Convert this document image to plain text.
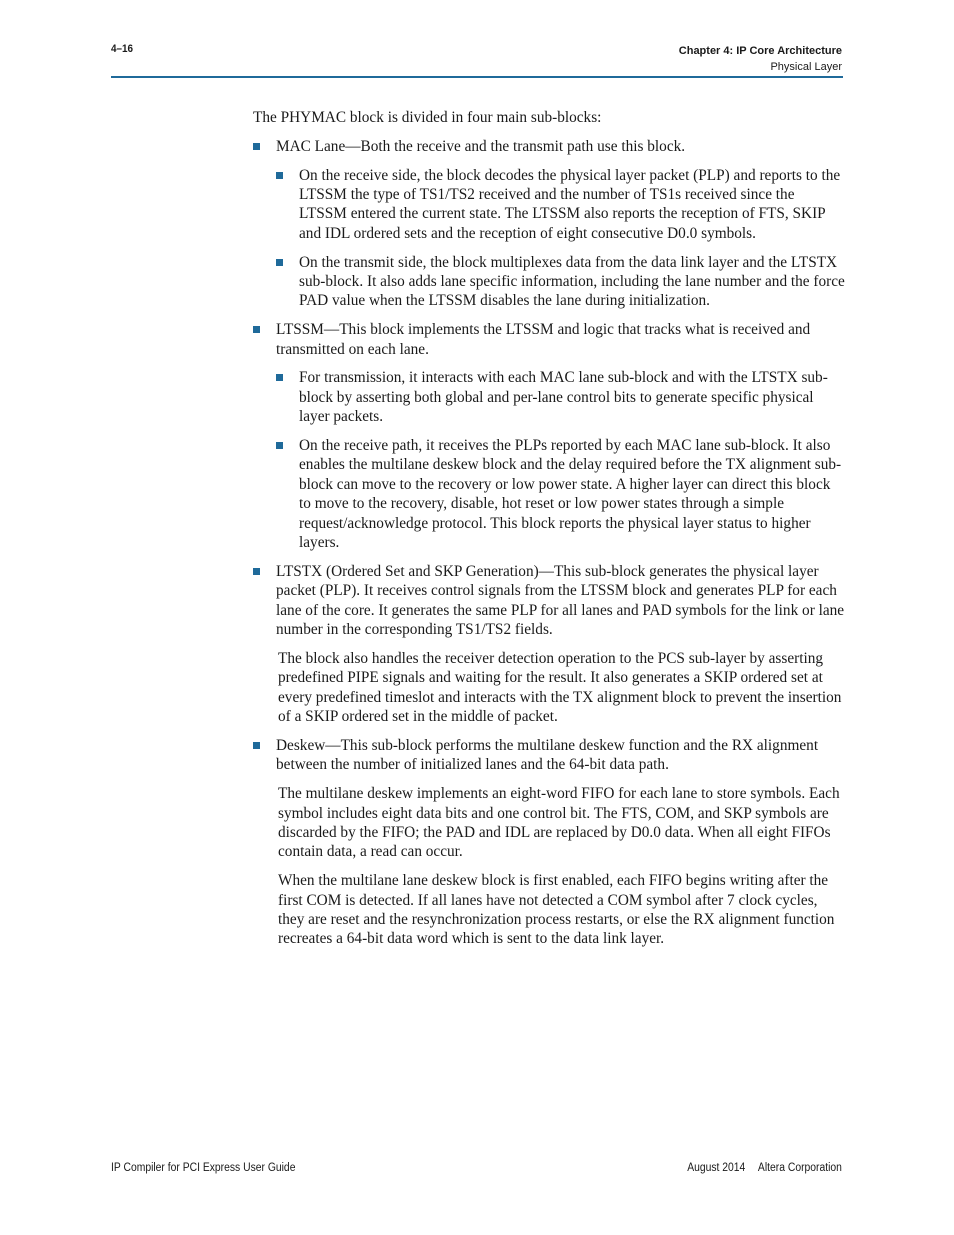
4–16	Chapter 4: IP Core Architecture
Physical Layer

The PHYMAC block is divided in four main sub-blocks:

MAC Lane—Both the receive and the transmit path use this block.

On the receive side, the block decodes the physical layer packet (PLP) and reports to the LTSSM the type of TS1/TS2 received and the number of TS1s received since the LTSSM entered the current state. The LTSSM also reports the reception of FTS, SKIP and IDL ordered sets and the reception of eight consecutive D0.0 symbols.

On the transmit side, the block multiplexes data from the data link layer and the LTSTX sub-block. It also adds lane specific information, including the lane number and the force PAD value when the LTSSM disables the lane during initialization.

LTSSM—This block implements the LTSSM and logic that tracks what is received and transmitted on each lane.

For transmission, it interacts with each MAC lane sub-block and with the LTSTX sub-block by asserting both global and per-lane control bits to generate specific physical layer packets.

On the receive path, it receives the PLPs reported by each MAC lane sub-block. It also enables the multilane deskew block and the delay required before the TX alignment sub-block can move to the recovery or low power state. A higher layer can direct this block to move to the recovery, disable, hot reset or low power states through a simple request/acknowledge protocol. This block reports the physical layer status to higher layers.

LTSTX (Ordered Set and SKP Generation)—This sub-block generates the physical layer packet (PLP). It receives control signals from the LTSSM block and generates PLP for each lane of the core. It generates the same PLP for all lanes and PAD symbols for the link or lane number in the corresponding TS1/TS2 fields.

The block also handles the receiver detection operation to the PCS sub-layer by asserting predefined PIPE signals and waiting for the result. It also generates a SKIP ordered set at every predefined timeslot and interacts with the TX alignment block to prevent the insertion of a SKIP ordered set in the middle of packet.

Deskew—This sub-block performs the multilane deskew function and the RX alignment between the number of initialized lanes and the 64-bit data path.

The multilane deskew implements an eight-word FIFO for each lane to store symbols. Each symbol includes eight data bits and one control bit. The FTS, COM, and SKP symbols are discarded by the FIFO; the PAD and IDL are replaced by D0.0 data. When all eight FIFOs contain data, a read can occur.

When the multilane lane deskew block is first enabled, each FIFO begins writing after the first COM is detected. If all lanes have not detected a COM symbol after 7 clock cycles, they are reset and the resynchronization process restarts, or else the RX alignment function recreates a 64-bit data word which is sent to the data link layer.

IP Compiler for PCI Express User Guide	August 2014 Altera Corporation
